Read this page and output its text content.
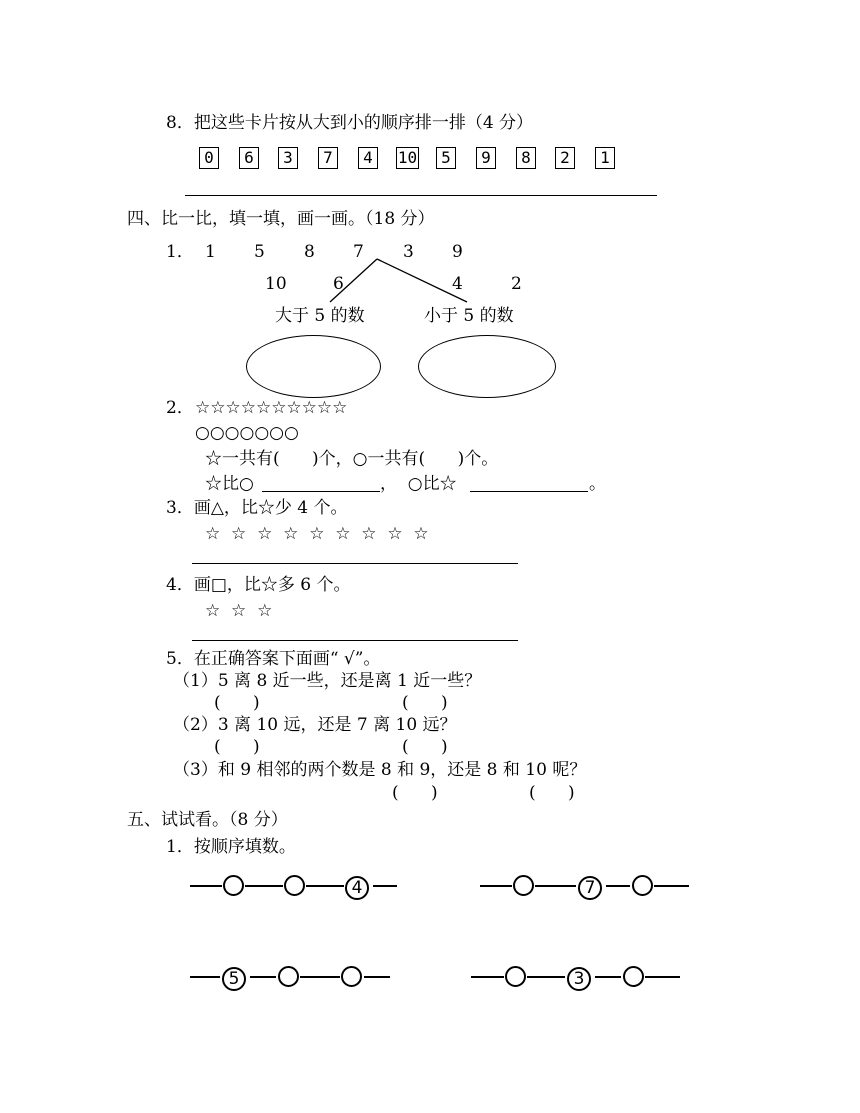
8．把这些卡片按从大到小的顺序排一排（4 分）
0	6	3	7	4	10	5	9	8	2	1
四、比一比，填一填，画一画。（18 分）
1． 1 5 8 7 3 9
10	6	4	2
大于 5 的数	小于 5 的数
2． ☆☆☆☆☆☆☆☆☆☆
○○○○○○○
☆一共有(      )个，○一共有(      )个。
☆比○	，  ○比☆	。
3．画△，比☆少 4 个。
☆  ☆  ☆  ☆  ☆  ☆  ☆  ☆  ☆
4．画□，比☆多 6 个。
☆  ☆  ☆
5．在正确答案下面画“ √”。
（1）5 离 8 近一些，还是离 1 近一些？
(      )	(      )
（2）3 离 10 远，还是 7 离 10 远？
(      )	(      )
（3）和 9 相邻的两个数是 8 和 9，还是 8 和 10 呢？
(      )	(      )
五、试试看。（8 分）
1．按顺序填数。
4	7
5	3
